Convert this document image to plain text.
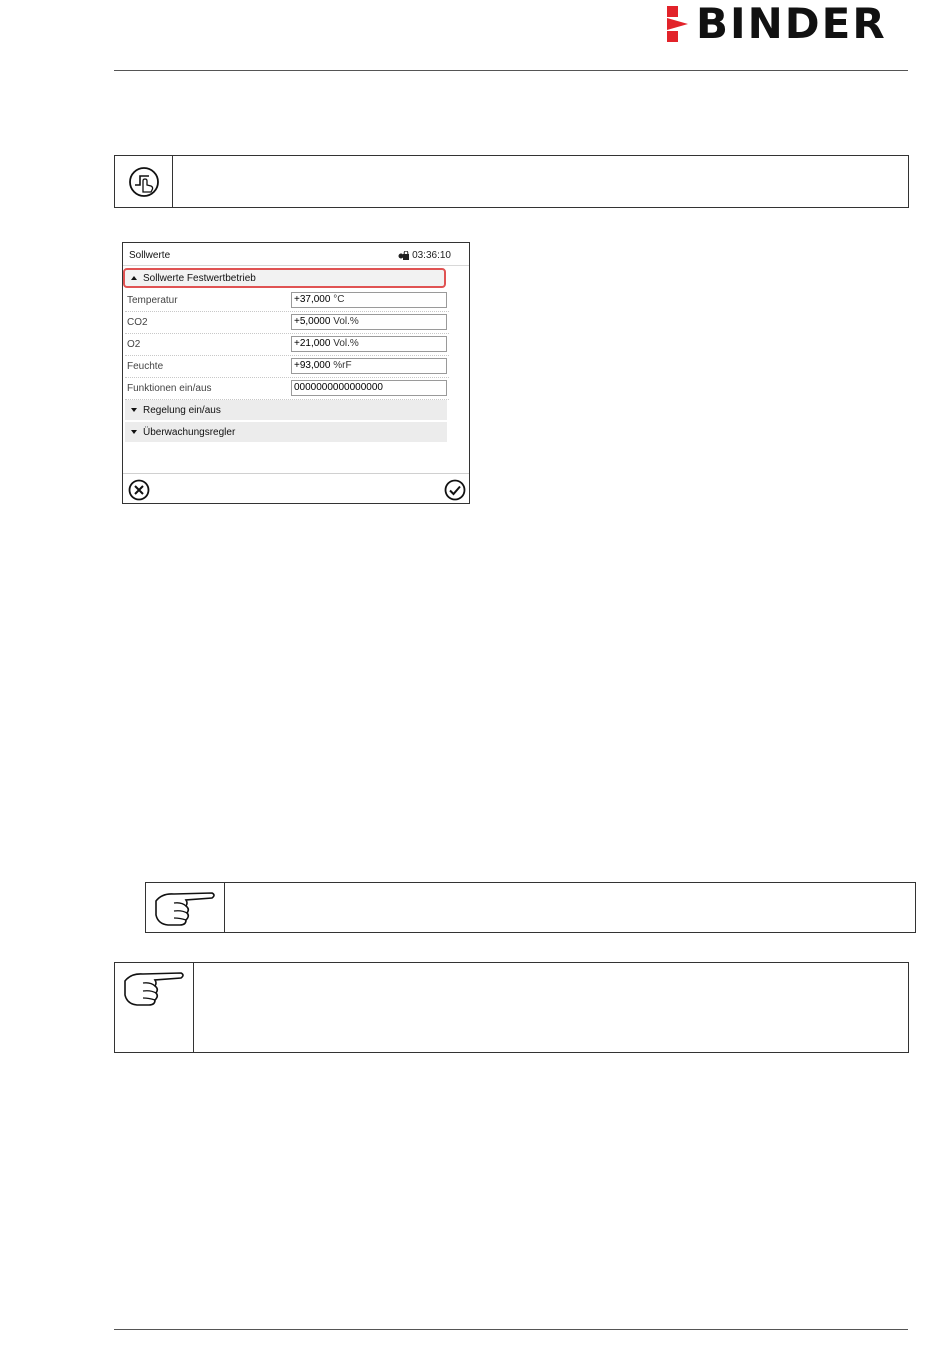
BINDER
Sollwerte	03:36:10
Sollwerte Festwertbetrieb
Temperatur	+37,000 °C
CO2	+5,0000 Vol.%
O2	+21,000 Vol.%
Feuchte	+93,000 %rF
Funktionen ein/aus	0000000000000000
Regelung ein/aus
Überwachungsregler
